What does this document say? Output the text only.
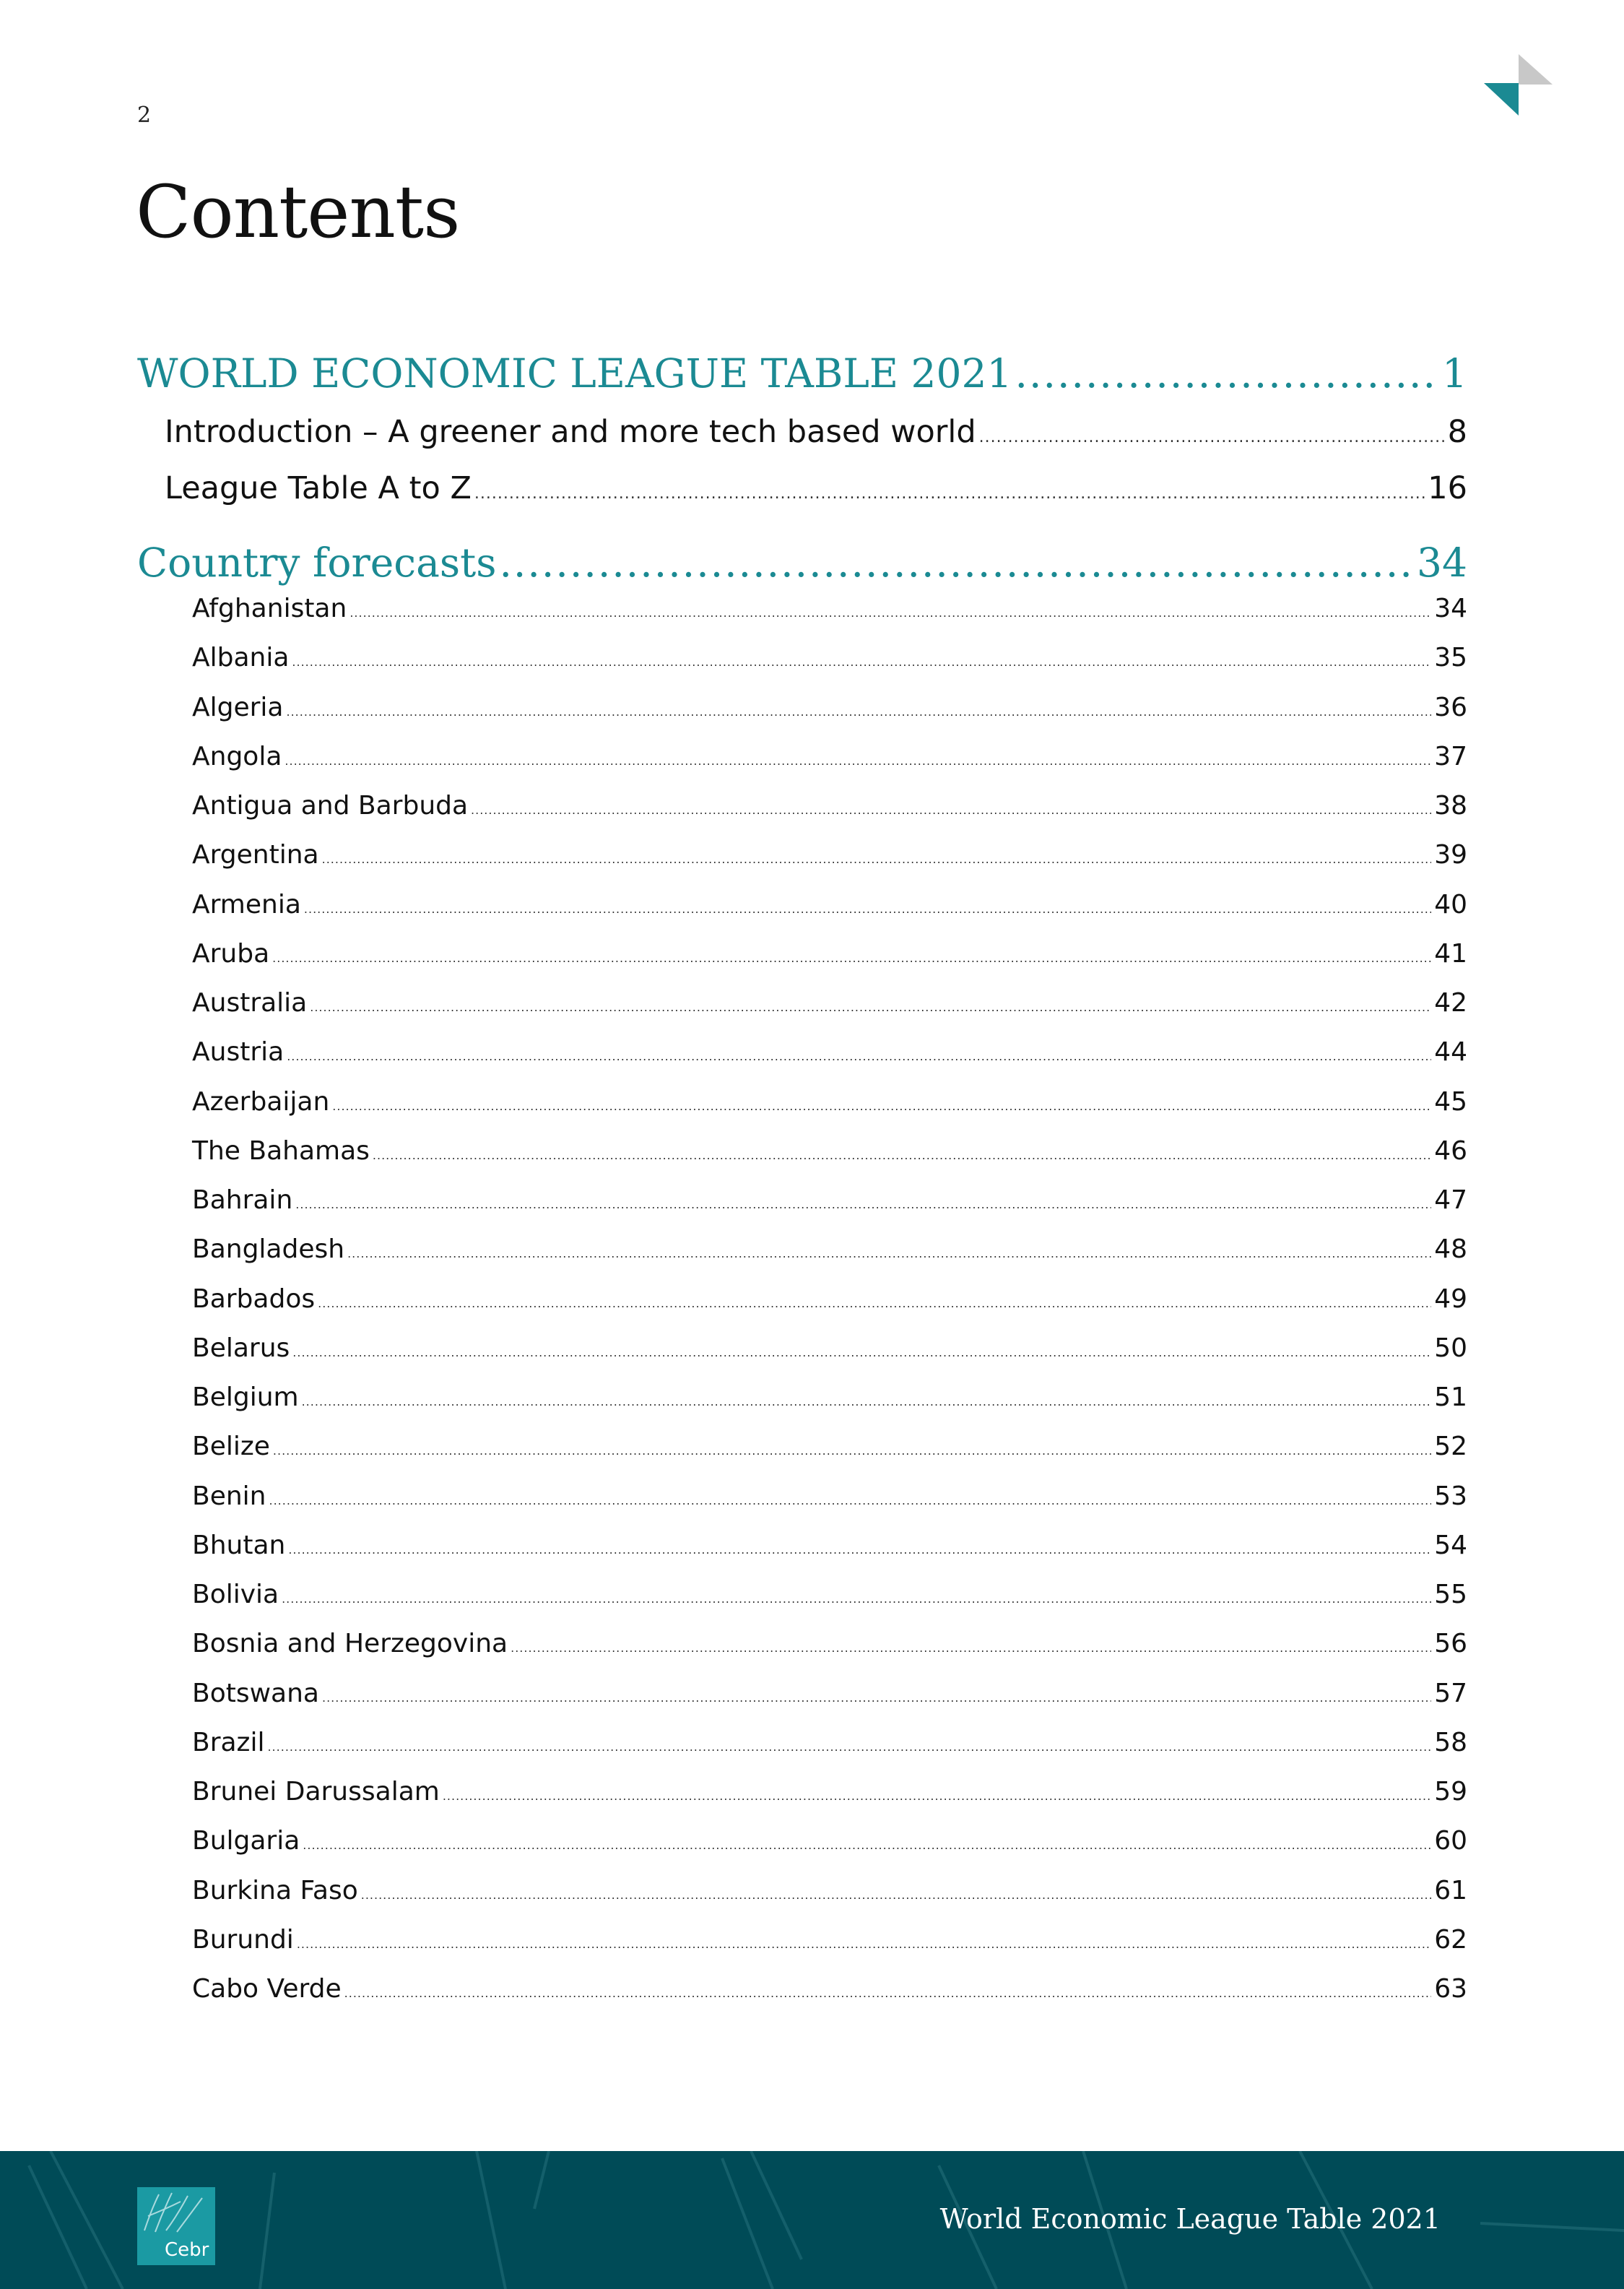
2
Contents
WORLD ECONOMIC LEAGUE TABLE 2021 .....	1
Introduction – A greener and more tech based world .....	8
League Table A to Z .....	16
Country forecasts .....	34
Afghanistan .....	34
Albania .....	35
Algeria .....	36
Angola .....	37
Antigua and Barbuda .....	38
Argentina .....	39
Armenia .....	40
Aruba .....	41
Australia .....	42
Austria .....	44
Azerbaijan .....	45
The Bahamas .....	46
Bahrain .....	47
Bangladesh .....	48
Barbados .....	49
Belarus .....	50
Belgium .....	51
Belize .....	52
Benin .....	53
Bhutan .....	54
Bolivia .....	55
Bosnia and Herzegovina .....	56
Botswana .....	57
Brazil .....	58
Brunei Darussalam .....	59
Bulgaria .....	60
Burkina Faso .....	61
Burundi .....	62
Cabo Verde .....	63
Cebr
World Economic League Table 2021
